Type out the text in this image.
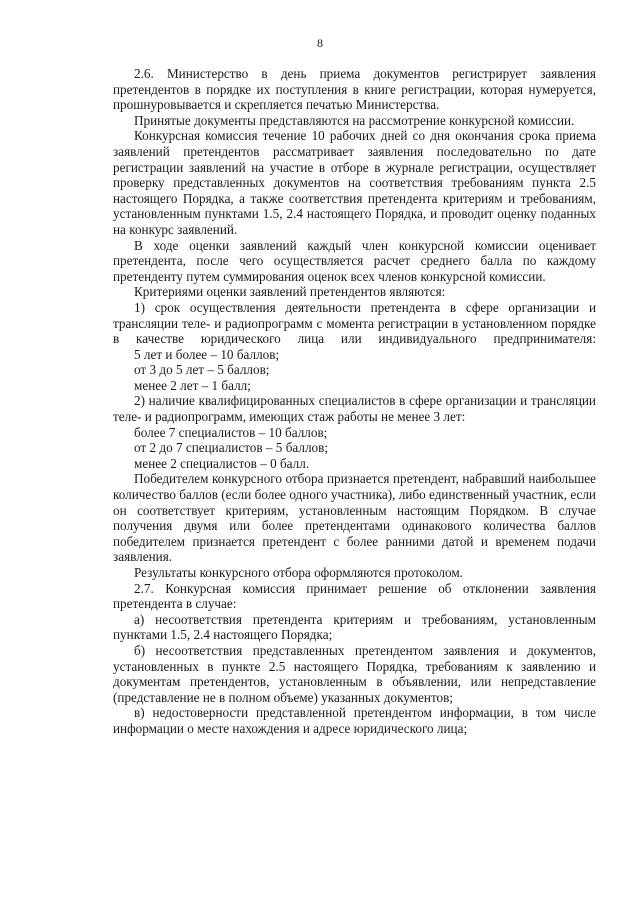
8

2.6. Министерство в день приема документов регистрирует заявления претендентов в порядке их поступления в книге регистрации, которая нумеруется, прошнуровывается и скрепляется печатью Министерства.

Принятые документы представляются на рассмотрение конкурсной комиссии.

Конкурсная комиссия течение 10 рабочих дней со дня окончания срока приема заявлений претендентов рассматривает заявления последовательно по дате регистрации заявлений на участие в отборе в журнале регистрации, осуществляет проверку представленных документов на соответствия требованиям пункта 2.5 настоящего Порядка, а также соответствия претендента критериям и требованиям, установленным пунктами 1.5, 2.4 настоящего Порядка, и проводит оценку поданных на конкурс заявлений.

В ходе оценки заявлений каждый член конкурсной комиссии оценивает претендента, после чего осуществляется расчет среднего балла по каждому претенденту путем суммирования оценок всех членов конкурсной комиссии.

Критериями оценки заявлений претендентов являются:

1) срок осуществления деятельности претендента в сфере организации и трансляции теле- и радиопрограмм с момента регистрации в установленном порядке в качестве юридического лица или индивидуального предпринимателя:

5 лет и более – 10 баллов;

от 3 до 5 лет – 5 баллов;

менее 2 лет – 1 балл;

2) наличие квалифицированных специалистов в сфере организации и трансляции теле- и радиопрограмм, имеющих стаж работы не менее 3 лет:

более 7 специалистов – 10 баллов;

от 2 до 7 специалистов – 5 баллов;

менее 2 специалистов – 0 балл.

Победителем конкурсного отбора признается претендент, набравший наибольшее количество баллов (если более одного участника), либо единственный участник, если он соответствует критериям, установленным настоящим Порядком. В случае получения двумя или более претендентами одинакового количества баллов победителем признается претендент с более ранними датой и временем подачи заявления.

Результаты конкурсного отбора оформляются протоколом.

2.7. Конкурсная комиссия принимает решение об отклонении заявления претендента в случае:

а) несоответствия претендента критериям и требованиям, установленным пунктами 1.5, 2.4 настоящего Порядка;

б) несоответствия представленных претендентом заявления и документов, установленных в пункте 2.5 настоящего Порядка, требованиям к заявлению и документам претендентов, установленным в объявлении, или непредставление (представление не в полном объеме) указанных документов;

в) недостоверности представленной претендентом информации, в том числе информации о месте нахождения и адресе юридического лица;
